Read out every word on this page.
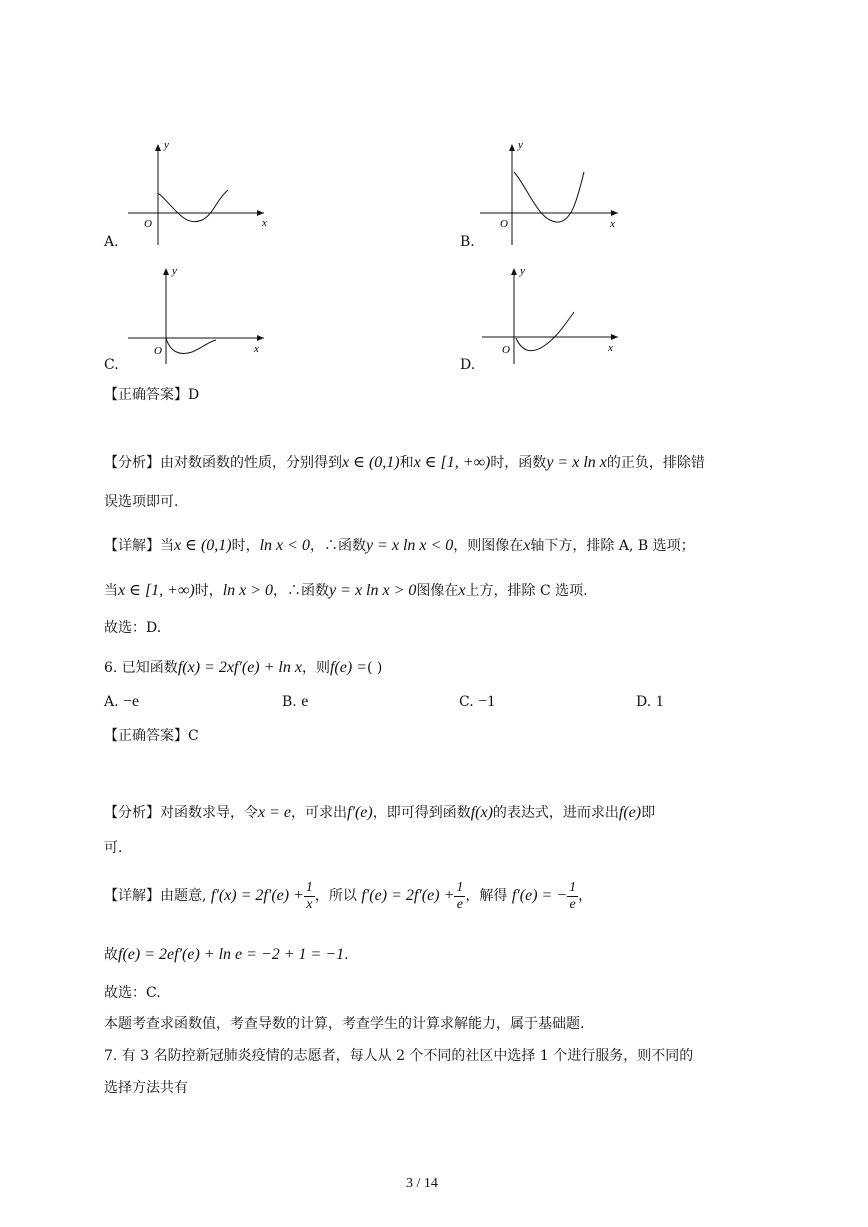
y
x
O
A.
y
x
O
B.
y
x
O
C.
y
x
O
D.
【正确答案】D
【分析】由对数函数的性质，分别得到x ∈ (0,1)和x ∈ [1, +∞)时，函数y = x ln x的正负，排除错
误选项即可.
【详解】当x ∈ (0,1)时，ln x < 0，∴函数y = x ln x < 0，则图像在x轴下方，排除 A, B 选项；
当x ∈ [1, +∞)时，ln x > 0，∴函数y = x ln x > 0图像在x上方，排除 C 选项.
故选：D.
6. 已知函数f(x) = 2xf′(e) + ln x，则f(e) =( )
A. −e	B. e	C. −1	D. 1
【正确答案】C
【分析】对函数求导，令x = e，可求出f′(e)，即可得到函数f(x)的表达式，进而求出f(e)即
可.
【详解】由题意, $f'(x) = 2f'(e) + \frac{1}{x}$ ，所以 $f'(e) = 2f'(e) + \frac{1}{e}$ ，解得 f′(e) = − $\frac{1}{e}$ ，
故f(e) = 2ef′(e) + ln e = −2 + 1 = −1.
故选：C.
本题考查求函数值，考查导数的计算，考查学生的计算求解能力，属于基础题.
7. 有 3 名防控新冠肺炎疫情的志愿者，每人从 2 个不同的社区中选择 1 个进行服务，则不同的
选择方法共有
3 / 14
